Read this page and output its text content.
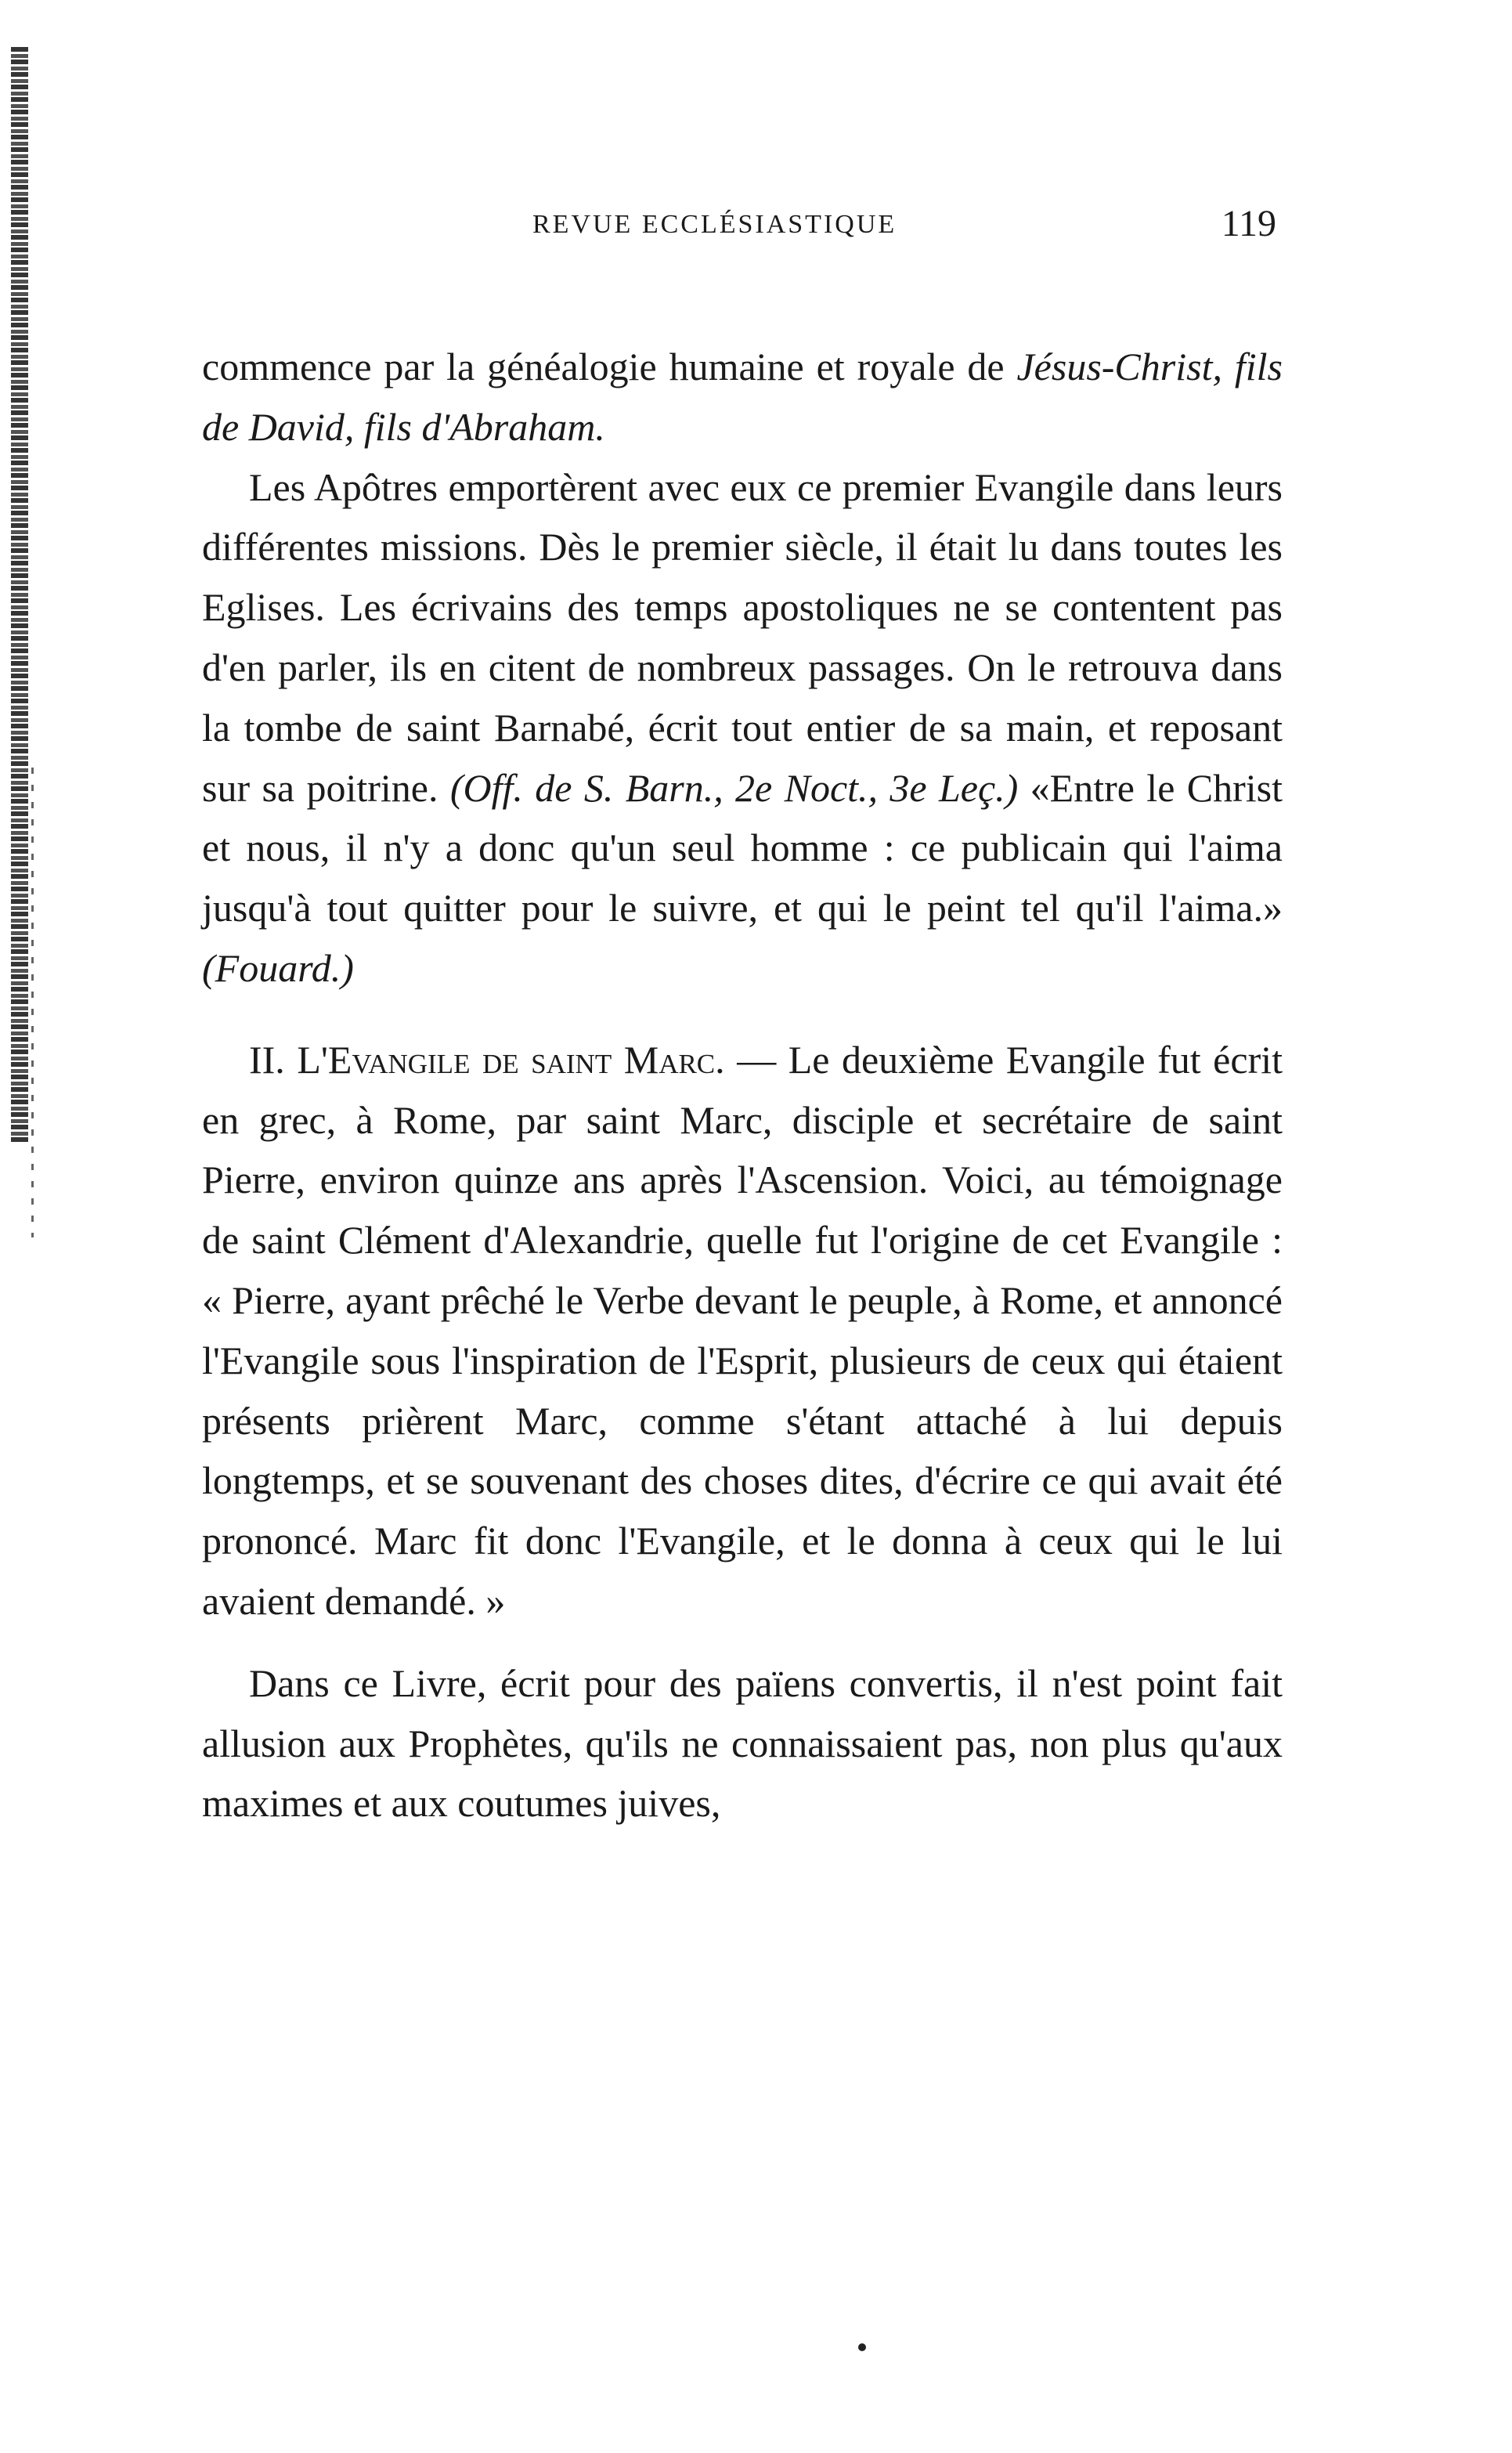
REVUE ECCLÉSIASTIQUE	119

commence par la généalogie humaine et royale de Jésus-Christ, fils de David, fils d'Abraham.

Les Apôtres emportèrent avec eux ce premier Evangile dans leurs différentes missions. Dès le premier siècle, il était lu dans toutes les Eglises. Les écrivains des temps apostoliques ne se contentent pas d'en parler, ils en citent de nombreux passages. On le retrouva dans la tombe de saint Barnabé, écrit tout entier de sa main, et reposant sur sa poitrine. (Off. de S. Barn., 2e Noct., 3e Leç.) «Entre le Christ et nous, il n'y a donc qu'un seul homme : ce publicain qui l'aima jusqu'à tout quitter pour le suivre, et qui le peint tel qu'il l'aima.» (Fouard.)

II. L'Evangile de saint Marc. — Le deuxième Evangile fut écrit en grec, à Rome, par saint Marc, disciple et secrétaire de saint Pierre, environ quinze ans après l'Ascension. Voici, au témoignage de saint Clément d'Alexandrie, quelle fut l'origine de cet Evangile : « Pierre, ayant prêché le Verbe devant le peuple, à Rome, et annoncé l'Evangile sous l'inspiration de l'Esprit, plusieurs de ceux qui étaient présents prièrent Marc, comme s'étant attaché à lui depuis longtemps, et se souvenant des choses dites, d'écrire ce qui avait été prononcé. Marc fit donc l'Evangile, et le donna à ceux qui le lui avaient demandé. »

Dans ce Livre, écrit pour des païens convertis, il n'est point fait allusion aux Prophètes, qu'ils ne connaissaient pas, non plus qu'aux maximes et aux coutumes juives,
